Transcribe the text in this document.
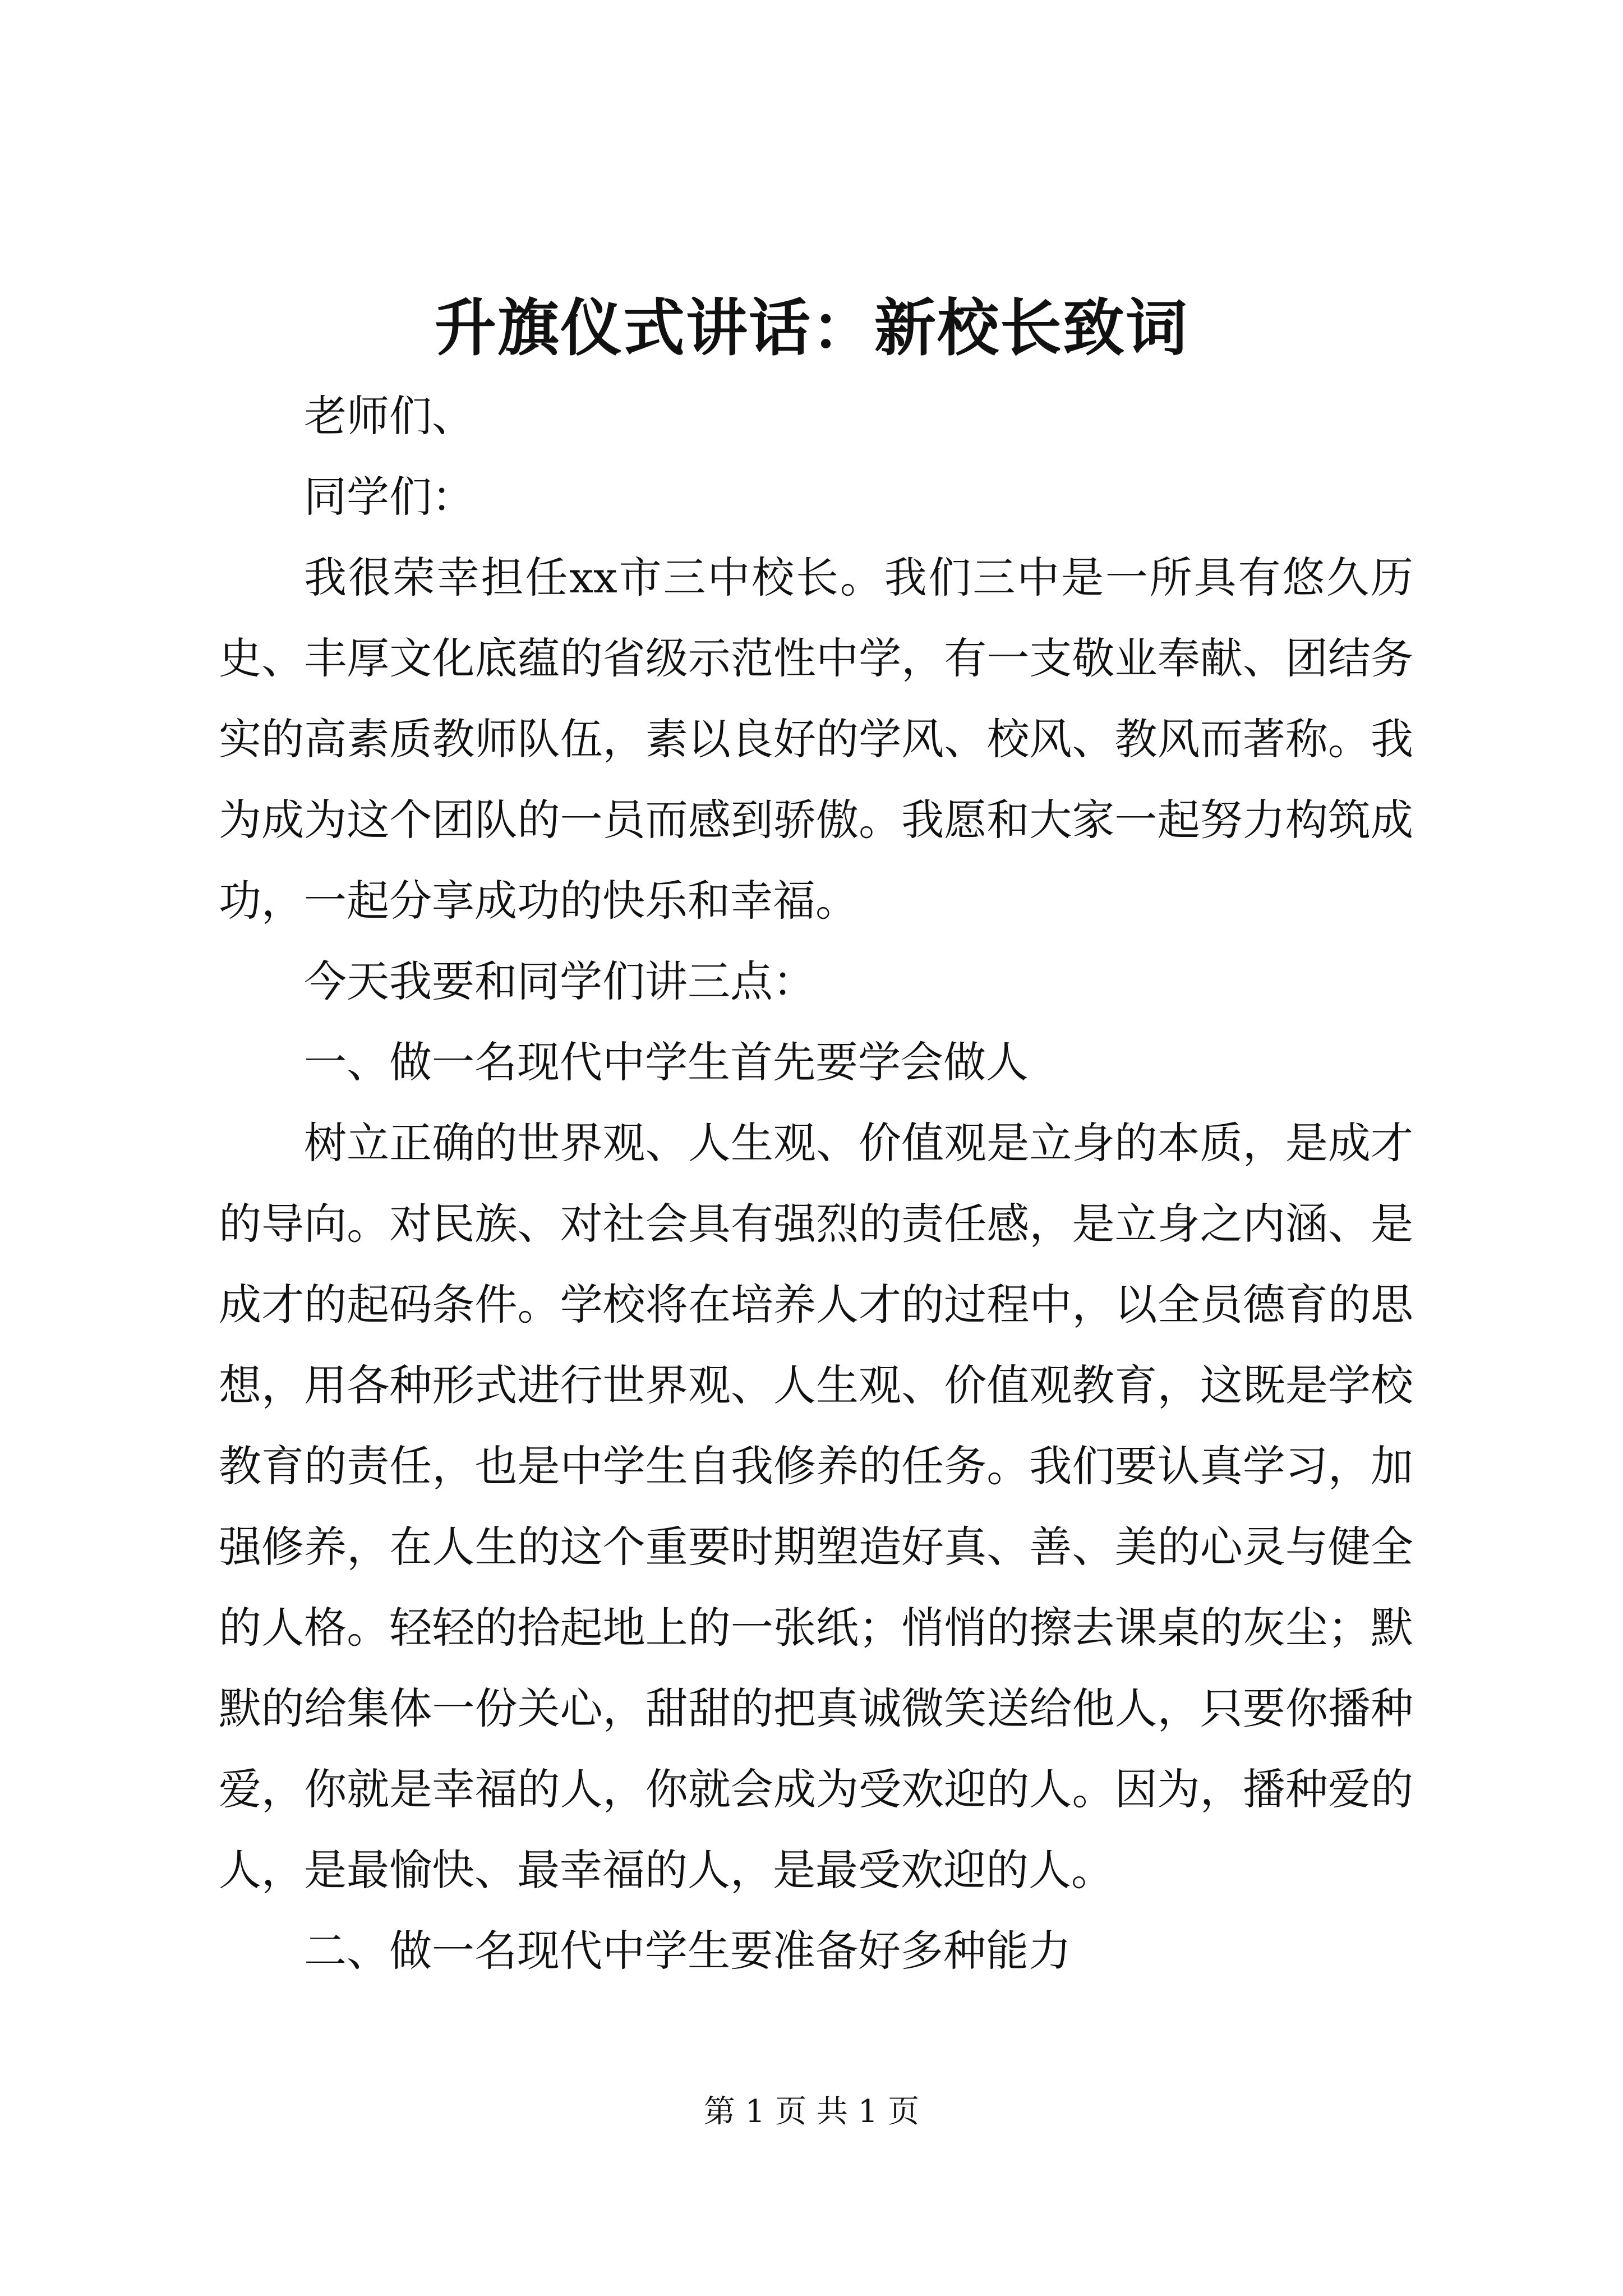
升旗仪式讲话：新校长致词

老师们、

同学们：

我很荣幸担任xx市三中校长。我们三中是一所具有悠久历史、丰厚文化底蕴的省级示范性中学，有一支敬业奉献、团结务实的高素质教师队伍，素以良好的学风、校风、教风而著称。我为成为这个团队的一员而感到骄傲。我愿和大家一起努力构筑成功，一起分享成功的快乐和幸福。

今天我要和同学们讲三点：

一、做一名现代中学生首先要学会做人

树立正确的世界观、人生观、价值观是立身的本质，是成才的导向。对民族、对社会具有强烈的责任感，是立身之内涵、是成才的起码条件。学校将在培养人才的过程中，以全员德育的思想，用各种形式进行世界观、人生观、价值观教育，这既是学校教育的责任，也是中学生自我修养的任务。我们要认真学习，加强修养，在人生的这个重要时期塑造好真、善、美的心灵与健全的人格。轻轻的拾起地上的一张纸；悄悄的擦去课桌的灰尘；默默的给集体一份关心，甜甜的把真诚微笑送给他人，只要你播种爱，你就是幸福的人，你就会成为受欢迎的人。因为，播种爱的人，是最愉快、最幸福的人，是最受欢迎的人。

二、做一名现代中学生要准备好多种能力

第 1 页 共 1 页
